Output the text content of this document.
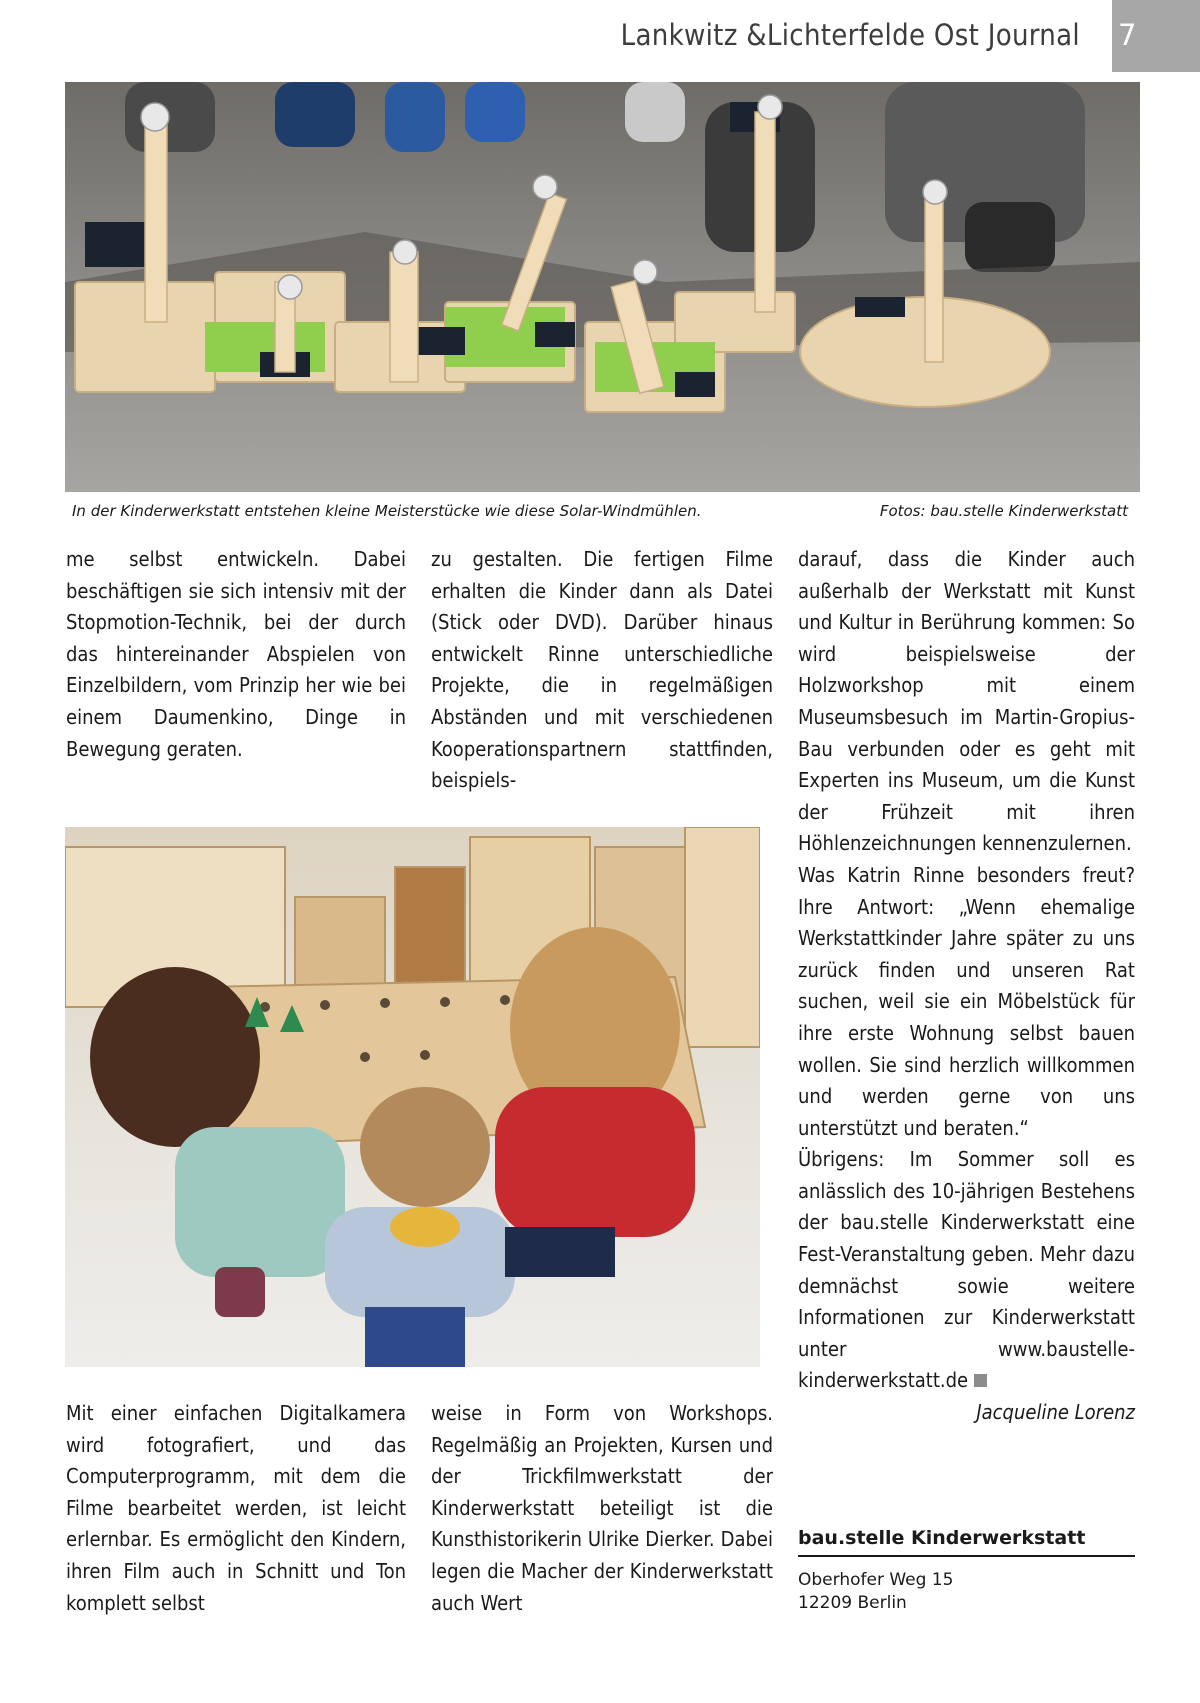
Lankwitz &Lichterfelde Ost Journal 7
In der Kinderwerkstatt entstehen kleine Meisterstücke wie diese Solar-Windmühlen.	Fotos: bau.stelle Kinderwerkstatt

me selbst entwickeln. Dabei beschäftigen sie sich intensiv mit der Stopmotion-Technik, bei der durch das hintereinander Abspielen von Einzelbildern, vom Prinzip her wie bei einem Daumenkino, Dinge in Bewegung geraten.

zu gestalten. Die fertigen Filme erhalten die Kinder dann als Datei (Stick oder DVD). Darüber hinaus entwickelt Rinne unterschiedliche Projekte, die in regelmäßigen Abständen und mit verschiedenen Kooperationspartnern stattfinden, beispiels-

Mit einer einfachen Digitalkamera wird fotografiert, und das Computerprogramm, mit dem die Filme bearbeitet werden, ist leicht erlernbar. Es ermöglicht den Kindern, ihren Film auch in Schnitt und Ton komplett selbst

weise in Form von Workshops. Regelmäßig an Projekten, Kursen und der Trickfilmwerkstatt der Kinderwerkstatt beteiligt ist die Kunsthistorikerin Ulrike Dierker. Dabei legen die Macher der Kinderwerkstatt auch Wert

darauf, dass die Kinder auch außerhalb der Werkstatt mit Kunst und Kultur in Berührung kommen: So wird beispielsweise der Holzworkshop mit einem Museumsbesuch im Martin-Gropius-Bau verbunden oder es geht mit Experten ins Museum, um die Kunst der Frühzeit mit ihren Höhlenzeichnungen kennenzulernen.

Was Katrin Rinne besonders freut? Ihre Antwort: „Wenn ehemalige Werkstattkinder Jahre später zu uns zurück finden und unseren Rat suchen, weil sie ein Möbelstück für ihre erste Wohnung selbst bauen wollen. Sie sind herzlich willkommen und werden gerne von uns unterstützt und beraten.“

Übrigens: Im Sommer soll es anlässlich des 10-jährigen Bestehens der bau.stelle Kinderwerkstatt eine Fest-Veranstaltung geben. Mehr dazu demnächst sowie weitere Informationen zur Kinderwerkstatt unter www.baustelle-kinderwerkstatt.de

Jacqueline Lorenz

bau.stelle Kinderwerkstatt
Oberhofer Weg 15
12209 Berlin
